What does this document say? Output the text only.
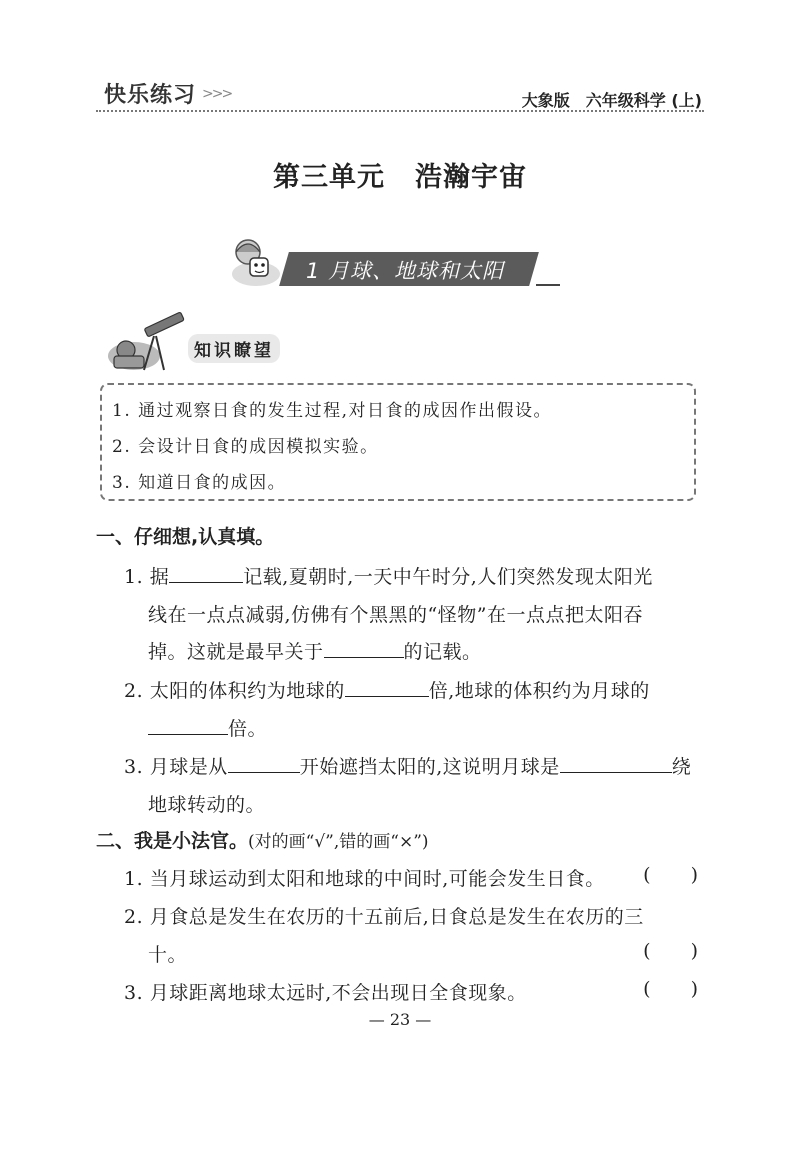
快乐练习 >>>	大象版 六年级科学 (上)
第三单元 浩瀚宇宙
1 月球、地球和太阳
知识瞭望
1. 通过观察日食的发生过程,对日食的成因作出假设。
2. 会设计日食的成因模拟实验。
3. 知道日食的成因。
一、仔细想,认真填。
1. 据	记载,夏朝时,一天中午时分,人们突然发现太阳光
线在一点点减弱,仿佛有个黑黑的“怪物”在一点点把太阳吞
掉。这就是最早关于	的记载。
2. 太阳的体积约为地球的	倍,地球的体积约为月球的
倍。
3. 月球是从	开始遮挡太阳的,这说明月球是	绕
地球转动的。
二、我是小法官。(对的画“√”,错的画“×”)
1. 当月球运动到太阳和地球的中间时,可能会发生日食。	( )
2. 月食总是发生在农历的十五前后,日食总是发生在农历的三
十。	( )
3. 月球距离地球太远时,不会出现日全食现象。	( )
— 23 —
